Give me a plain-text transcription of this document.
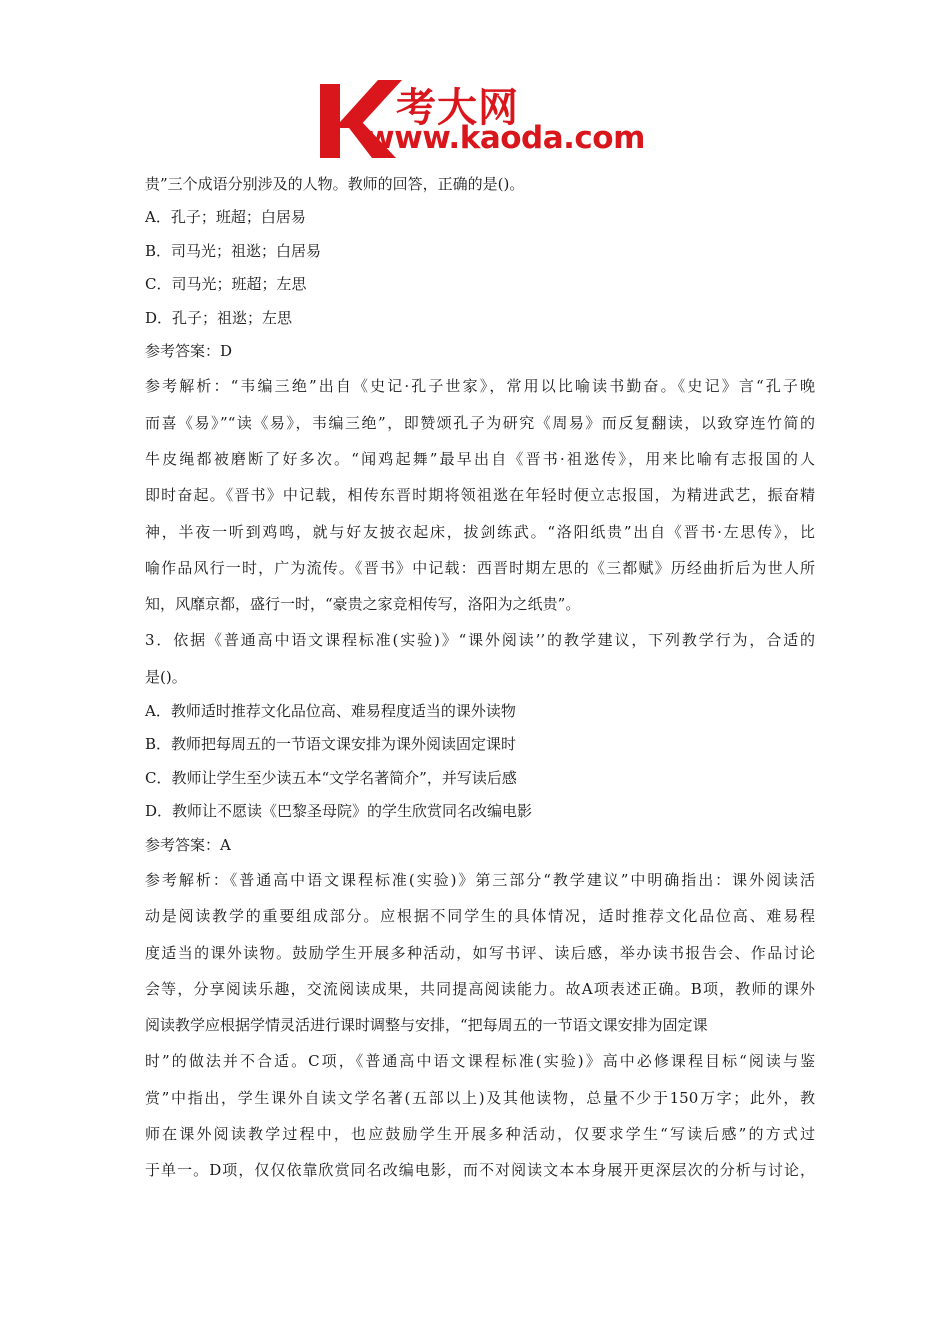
考大网
www.kaoda.com
贵”三个成语分别涉及的人物。教师的回答，正确的是()。
A．孔子；班超；白居易
B．司马光；祖逖；白居易
C．司马光；班超；左思
D．孔子；祖逖；左思
参考答案：D
参考解析：“韦编三绝”出自《史记·孔子世家》，常用以比喻读书勤奋。《史记》言“孔子晚
而喜《易》”“读《易》，韦编三绝”，即赞颂孔子为研究《周易》而反复翻读，以致穿连竹简的
牛皮绳都被磨断了好多次。“闻鸡起舞”最早出自《晋书·祖逖传》，用来比喻有志报国的人
即时奋起。《晋书》中记载，相传东晋时期将领祖逖在年轻时便立志报国，为精进武艺，振奋精
神，半夜一听到鸡鸣，就与好友披衣起床，拔剑练武。“洛阳纸贵”出自《晋书·左思传》，比
喻作品风行一时，广为流传。《晋书》中记载：西晋时期左思的《三都赋》历经曲折后为世人所
知，风靡京都，盛行一时，“豪贵之家竞相传写，洛阳为之纸贵”。
3．依据《普通高中语文课程标准(实验)》“课外阅读’’的教学建议，下列教学行为，合适的
是()。
A．教师适时推荐文化品位高、难易程度适当的课外读物
B．教师把每周五的一节语文课安排为课外阅读固定课时
C．教师让学生至少读五本“文学名著简介”，并写读后感
D．教师让不愿读《巴黎圣母院》的学生欣赏同名改编电影
参考答案：A
参考解析：《普通高中语文课程标准(实验)》第三部分“教学建议”中明确指出：课外阅读活
动是阅读教学的重要组成部分。应根据不同学生的具体情况，适时推荐文化品位高、难易程
度适当的课外读物。鼓励学生开展多种活动，如写书评、读后感，举办读书报告会、作品讨论
会等，分享阅读乐趣，交流阅读成果，共同提高阅读能力。故A项表述正确。B项，教师的课外
阅读教学应根据学情灵活进行课时调整与安排，“把每周五的一节语文课安排为固定课
时”的做法并不合适。C项，《普通高中语文课程标准(实验)》高中必修课程目标“阅读与鉴
赏”中指出，学生课外自读文学名著(五部以上)及其他读物，总量不少于150万字；此外，教
师在课外阅读教学过程中，也应鼓励学生开展多种活动，仅要求学生“写读后感”的方式过
于单一。D项，仅仅依靠欣赏同名改编电影，而不对阅读文本本身展开更深层次的分析与讨论，
